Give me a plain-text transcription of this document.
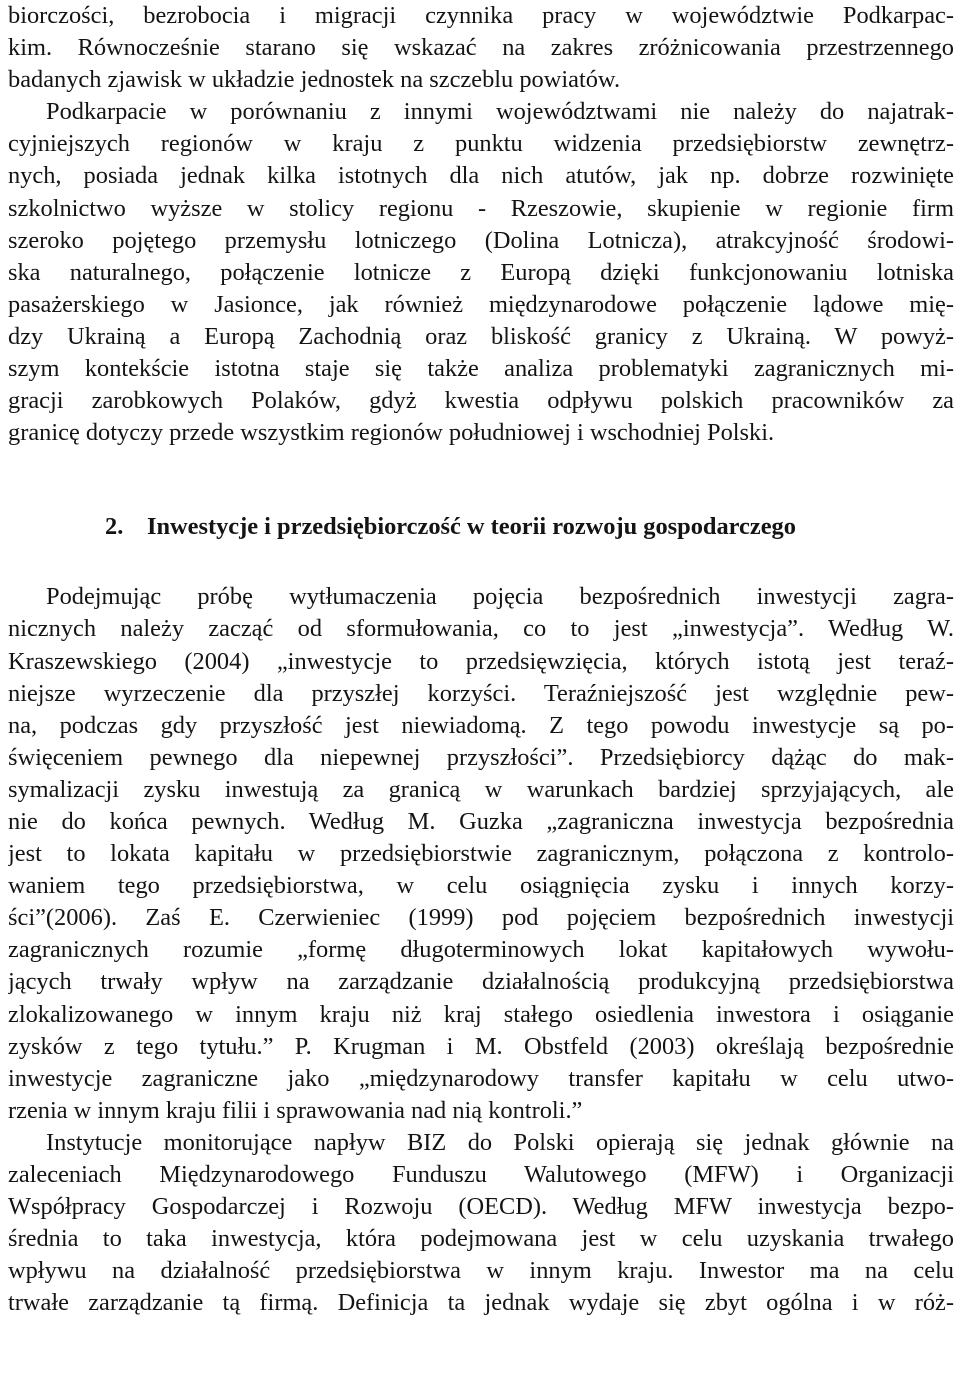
biorczości, bezrobocia i migracji czynnika pracy w województwie Podkarpac-
kim. Równocześnie starano się wskazać na zakres zróżnicowania przestrzennego
badanych zjawisk w układzie jednostek na szczeblu powiatów.
Podkarpacie w porównaniu z innymi województwami nie należy do najatrak-
cyjniejszych regionów w kraju z punktu widzenia przedsiębiorstw zewnętrz-
nych, posiada jednak kilka istotnych dla nich atutów, jak np. dobrze rozwinięte
szkolnictwo wyższe w stolicy regionu - Rzeszowie, skupienie w regionie firm
szeroko pojętego przemysłu lotniczego (Dolina Lotnicza), atrakcyjność środowi-
ska naturalnego, połączenie lotnicze z Europą dzięki funkcjonowaniu lotniska
pasażerskiego w Jasionce, jak również międzynarodowe połączenie lądowe mię-
dzy Ukrainą a Europą Zachodnią oraz bliskość granicy z Ukrainą. W powyż-
szym kontekście istotna staje się także analiza problematyki zagranicznych mi-
gracji zarobkowych Polaków, gdyż kwestia odpływu polskich pracowników za
granicę dotyczy przede wszystkim regionów południowej i wschodniej Polski.
2. Inwestycje i przedsiębiorczość w teorii rozwoju gospodarczego
Podejmując próbę wytłumaczenia pojęcia bezpośrednich inwestycji zagra-
nicznych należy zacząć od sformułowania, co to jest „inwestycja”. Według W.
Kraszewskiego (2004) „inwestycje to przedsięwzięcia, których istotą jest teraź-
niejsze wyrzeczenie dla przyszłej korzyści. Teraźniejszość jest względnie pew-
na, podczas gdy przyszłość jest niewiadomą. Z tego powodu inwestycje są po-
święceniem pewnego dla niepewnej przyszłości”. Przedsiębiorcy dążąc do mak-
symalizacji zysku inwestują za granicą w warunkach bardziej sprzyjających, ale
nie do końca pewnych. Według M. Guzka „zagraniczna inwestycja bezpośrednia
jest to lokata kapitału w przedsiębiorstwie zagranicznym, połączona z kontrolo-
waniem tego przedsiębiorstwa, w celu osiągnięcia zysku i innych korzy-
ści”(2006). Zaś E. Czerwieniec (1999) pod pojęciem bezpośrednich inwestycji
zagranicznych rozumie „formę długoterminowych lokat kapitałowych wywołu-
jących trwały wpływ na zarządzanie działalnością produkcyjną przedsiębiorstwa
zlokalizowanego w innym kraju niż kraj stałego osiedlenia inwestora i osiąganie
zysków z tego tytułu.” P. Krugman i M. Obstfeld (2003) określają bezpośrednie
inwestycje zagraniczne jako „międzynarodowy transfer kapitału w celu utwo-
rzenia w innym kraju filii i sprawowania nad nią kontroli.”
Instytucje monitorujące napływ BIZ do Polski opierają się jednak głównie na
zaleceniach Międzynarodowego Funduszu Walutowego (MFW) i Organizacji
Współpracy Gospodarczej i Rozwoju (OECD). Według MFW inwestycja bezpo-
średnia to taka inwestycja, która podejmowana jest w celu uzyskania trwałego
wpływu na działalność przedsiębiorstwa w innym kraju. Inwestor ma na celu
trwałe zarządzanie tą firmą. Definicja ta jednak wydaje się zbyt ogólna i w róż-
